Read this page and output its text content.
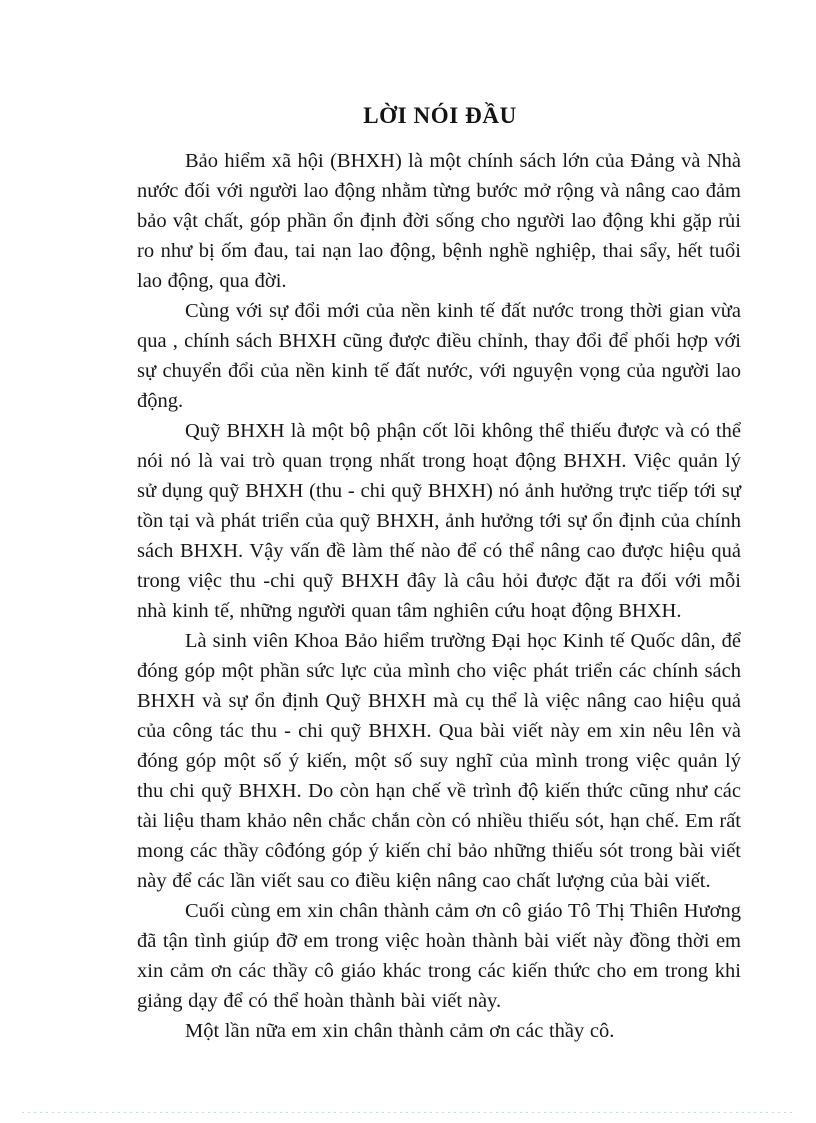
LỜI NÓI ĐẦU

Bảo hiểm xã hội (BHXH) là một chính sách lớn của Đảng và Nhà nước đối với người lao động nhằm từng bước mở rộng và nâng cao đảm bảo vật chất, góp phần ổn định đời sống cho người lao động khi gặp rủi ro như bị ốm đau, tai nạn lao động, bệnh nghề nghiệp, thai sẩy, hết tuổi lao động, qua đời.

Cùng với sự đổi mới của nền kinh tế đất nước trong thời gian vừa qua , chính sách BHXH cũng được điều chỉnh, thay đổi để phối hợp với sự chuyển đổi của nền kinh tế đất nước, với nguyện vọng của người lao động.

Quỹ BHXH là một bộ phận cốt lõi không thể thiếu được và có thể nói nó là vai trò quan trọng nhất trong hoạt động BHXH. Việc quản lý sử dụng quỹ BHXH (thu - chi quỹ BHXH) nó ảnh hưởng trực tiếp tới sự tồn tại và phát triển của quỹ BHXH, ảnh hưởng tới sự ổn định của chính sách BHXH. Vậy vấn đề làm thế nào để có thể nâng cao được hiệu quả trong việc thu -chi quỹ BHXH đây là câu hỏi được đặt ra đối với mỗi nhà kinh tế, những người quan tâm nghiên cứu hoạt động BHXH.

Là sinh viên Khoa Bảo hiểm trường Đại học Kinh tế Quốc dân, để đóng góp một phần sức lực của mình cho việc phát triển các chính sách BHXH và sự ổn định Quỹ BHXH mà cụ thể là việc nâng cao hiệu quả của công tác thu - chi quỹ BHXH. Qua bài viết này em xin nêu lên và đóng góp một số ý kiến, một số suy nghĩ của mình trong việc quản lý thu chi quỹ BHXH. Do còn hạn chế về trình độ kiến thức cũng như các tài liệu tham khảo nên chắc chắn còn có nhiều thiếu sót, hạn chế. Em rất mong các thầy côđóng góp ý kiến chỉ bảo những thiếu sót trong bài viết này để các lần viết sau co điều kiện nâng cao chất lượng của bài viết.

Cuối cùng em xin chân thành cảm ơn cô giáo Tô Thị Thiên Hương đã tận tình giúp đỡ em trong việc hoàn thành bài viết này đồng thời em xin cảm ơn các thầy cô giáo khác trong các kiến thức cho em trong khi giảng dạy để có thể hoàn thành bài viết này.

Một lần nữa em xin chân thành cảm ơn các thầy cô.
